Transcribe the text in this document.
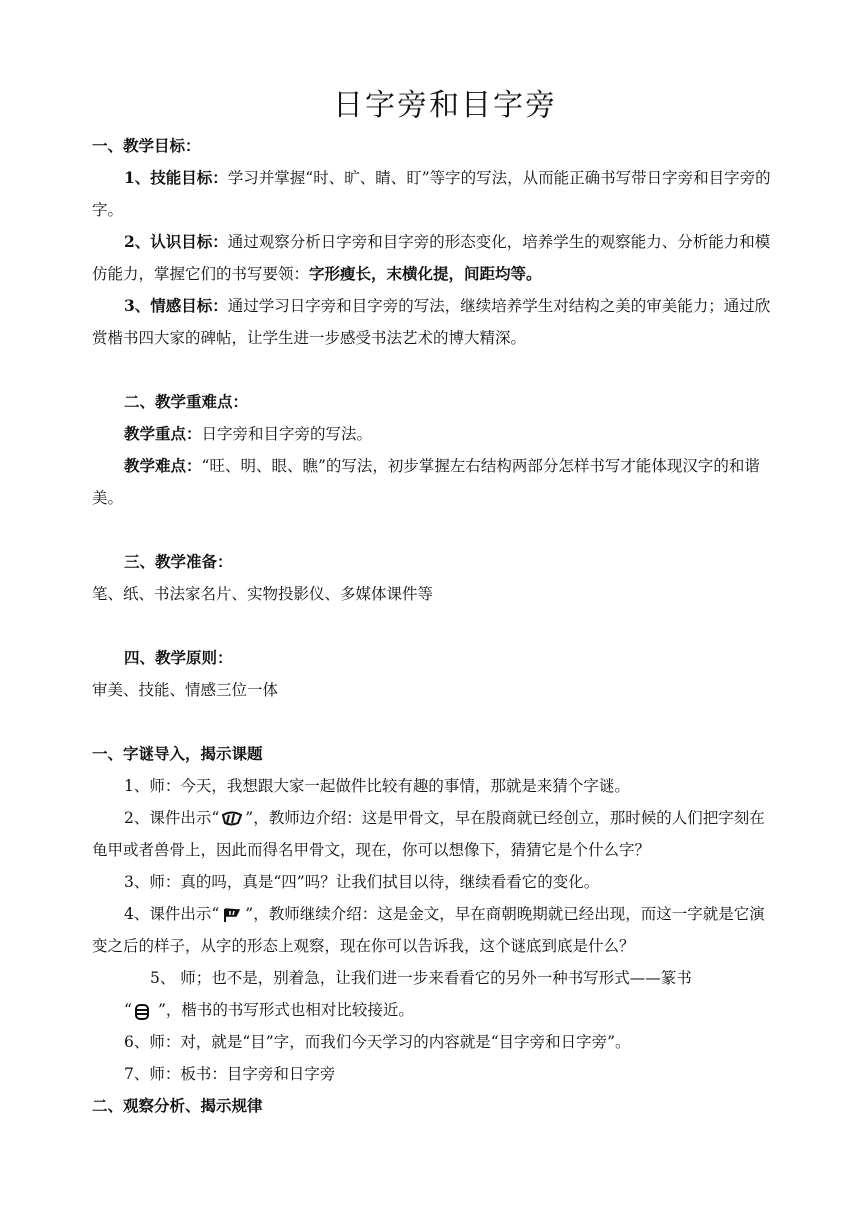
日字旁和目字旁

一、教学目标：

1、技能目标：学习并掌握“时、旷、睛、盯”等字的写法，从而能正确书写带日字旁和目字旁的字。

2、认识目标：通过观察分析日字旁和目字旁的形态变化，培养学生的观察能力、分析能力和模仿能力，掌握它们的书写要领：字形瘦长，末横化提，间距均等。

3、情感目标：通过学习日字旁和目字旁的写法，继续培养学生对结构之美的审美能力；通过欣赏楷书四大家的碑帖，让学生进一步感受书法艺术的博大精深。

二、教学重难点：

教学重点：日字旁和目字旁的写法。

教学难点：“旺、明、眼、瞧”的写法，初步掌握左右结构两部分怎样书写才能体现汉字的和谐美。

三、教学准备：

笔、纸、书法家名片、实物投影仪、多媒体课件等

四、教学原则：

审美、技能、情感三位一体

一、字谜导入，揭示课题

1、师：今天，我想跟大家一起做件比较有趣的事情，那就是来猜个字谜。

2、课件出示“ ”，教师边介绍：这是甲骨文，早在殷商就已经创立，那时候的人们把字刻在龟甲或者兽骨上，因此而得名甲骨文，现在，你可以想像下，猜猜它是个什么字？

3、师：真的吗，真是“四”吗？让我们拭目以待，继续看看它的变化。

4、课件出示“ ”，教师继续介绍：这是金文，早在商朝晚期就已经出现，而这一字就是它演变之后的样子，从字的形态上观察，现在你可以告诉我，这个谜底到底是什么？

5、 师；也不是，别着急，让我们进一步来看看它的另外一种书写形式——篆书

“ ”，楷书的书写形式也相对比较接近。

6、师：对，就是“目”字，而我们今天学习的内容就是“目字旁和日字旁”。

7、师：板书：目字旁和日字旁

二、观察分析、揭示规律
